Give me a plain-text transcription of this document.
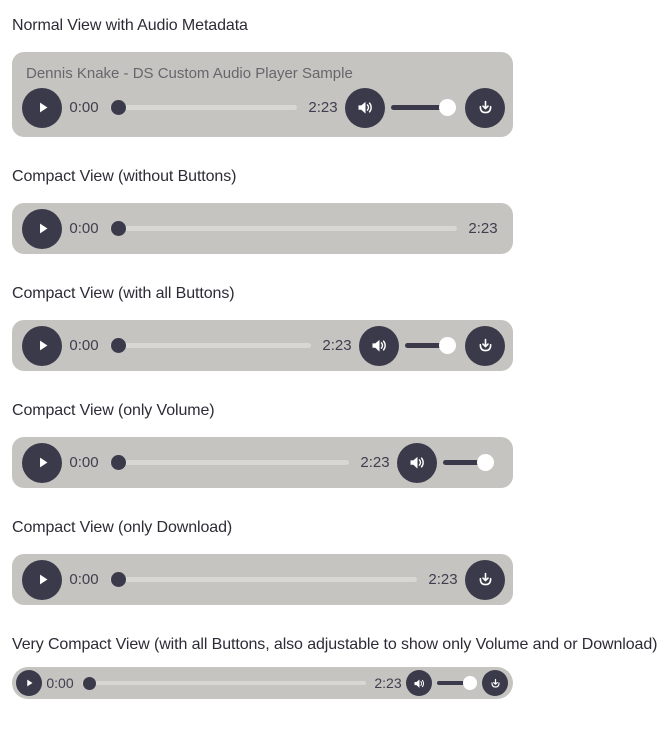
Normal View with Audio Metadata
Dennis Knake - DS Custom Audio Player Sample
0:00	2:23
Compact View (without Buttons)
0:00	2:23
Compact View (with all Buttons)
0:00	2:23
Compact View (only Volume)
0:00	2:23
Compact View (only Download)
0:00	2:23
Very Compact View (with all Buttons, also adjustable to show only Volume and or Download)
0:00	2:23
